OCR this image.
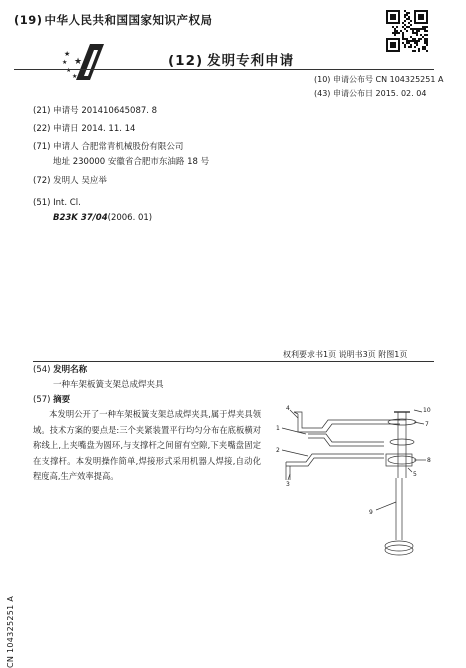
(19) 中华人民共和国国家知识产权局
★
★
★
★
★	(12) 发明专利申请
(10) 申请公布号 CN 104325251 A
(43) 申请公布日 2015. 02. 04
(21) 申请号 201410645087. 8
(22) 申请日 2014. 11. 14
(71) 申请人 合肥常青机械股份有限公司
地址 230000 安徽省合肥市东油路 18 号
(72) 发明人 吴应举
(51) Int. Cl.
B23K 37/04(2006. 01)
权利要求书1页 说明书3页 附图1页
(54) 发明名称
一种车架板簧支架总成焊夹具
(57) 摘要
本发明公开了一种车架板簧支架总成焊夹具,属于焊夹具领域。技术方案的要点是:三个夹紧装置平行均匀分布在底板横对称线上,上夹嘴盘为圆环,与支撑杆之间留有空隙,下夹嘴盘固定在支撑杆。本发明操作简单,焊接形式采用机器人焊接,自动化程度高,生产效率提高。
CN 104325251 A
4
7
10
1
2
3
8
5
9
